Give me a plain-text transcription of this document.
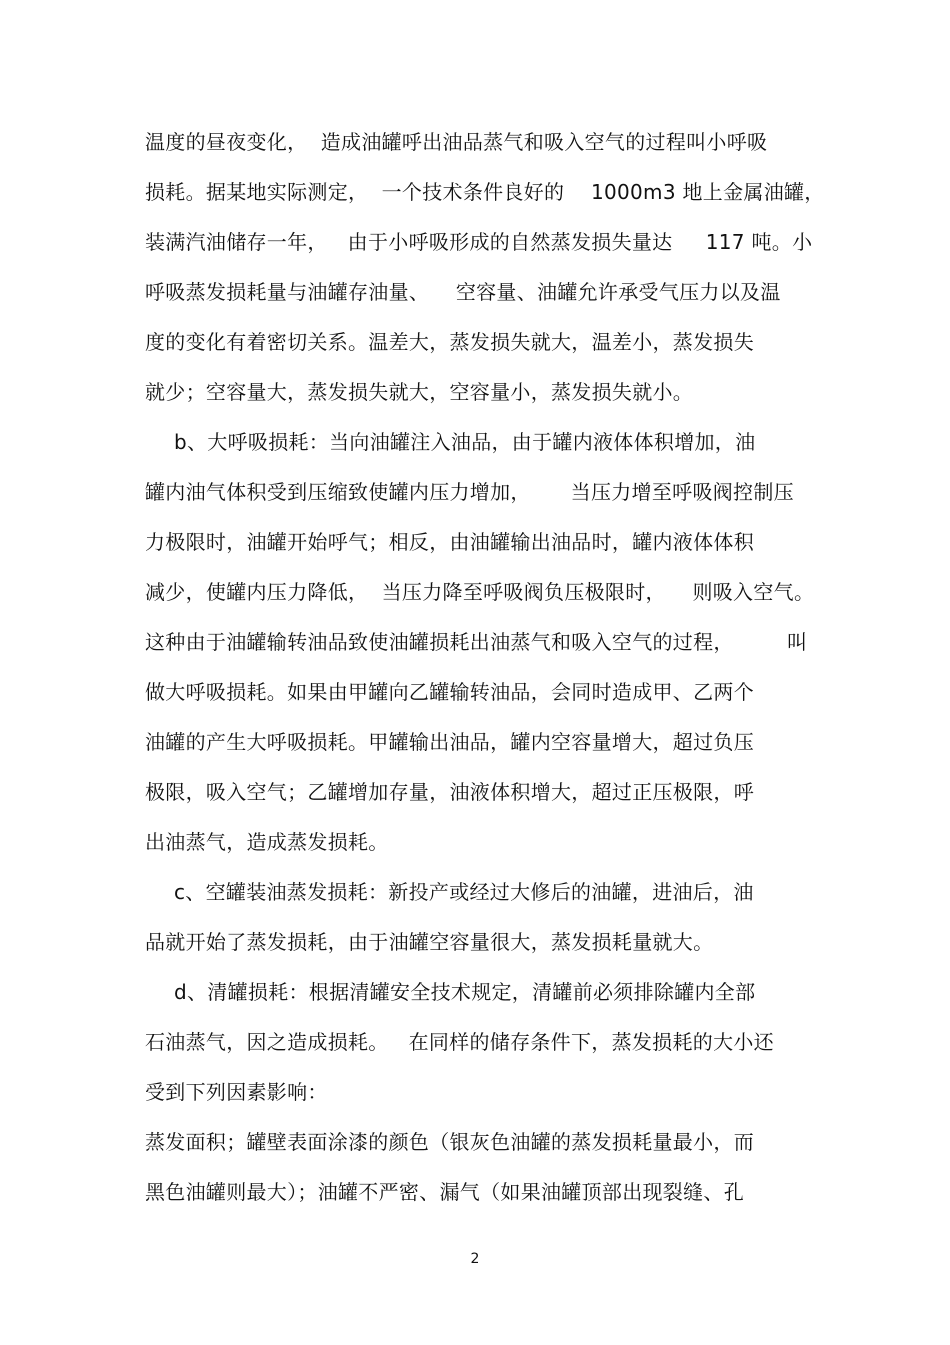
温度的昼夜变化，  造成油罐呼出油品蒸气和吸入空气的过程叫小呼吸
损耗。据某地实际测定，  一个技术条件良好的    1000m3 地上金属油罐，
装满汽油储存一年，   由于小呼吸形成的自然蒸发损失量达     117 吨。小
呼吸蒸发损耗量与油罐存油量、    空容量、油罐允许承受气压力以及温
度的变化有着密切关系。温差大，蒸发损失就大，温差小，蒸发损失
就少；空容量大，蒸发损失就大，空容量小，蒸发损失就小。
b、大呼吸损耗：当向油罐注入油品，由于罐内液体体积增加，油
罐内油气体积受到压缩致使罐内压力增加，      当压力增至呼吸阀控制压
力极限时，油罐开始呼气；相反，由油罐输出油品时，罐内液体体积
减少，使罐内压力降低，  当压力降至呼吸阀负压极限时，    则吸入空气。
这种由于油罐输转油品致使油罐损耗出油蒸气和吸入空气的过程，        叫
做大呼吸损耗。如果由甲罐向乙罐输转油品，会同时造成甲、乙两个
油罐的产生大呼吸损耗。甲罐输出油品，罐内空容量增大，超过负压
极限，吸入空气；乙罐增加存量，油液体积增大，超过正压极限，呼
出油蒸气，造成蒸发损耗。
c、空罐装油蒸发损耗：新投产或经过大修后的油罐，进油后，油
品就开始了蒸发损耗，由于油罐空容量很大，蒸发损耗量就大。
d、清罐损耗：根据清罐安全技术规定，清罐前必须排除罐内全部
石油蒸气，因之造成损耗。   在同样的储存条件下，蒸发损耗的大小还
受到下列因素影响：
蒸发面积；罐壁表面涂漆的颜色（银灰色油罐的蒸发损耗量最小，而
黑色油罐则最大）；油罐不严密、漏气（如果油罐顶部出现裂缝、孔
2
